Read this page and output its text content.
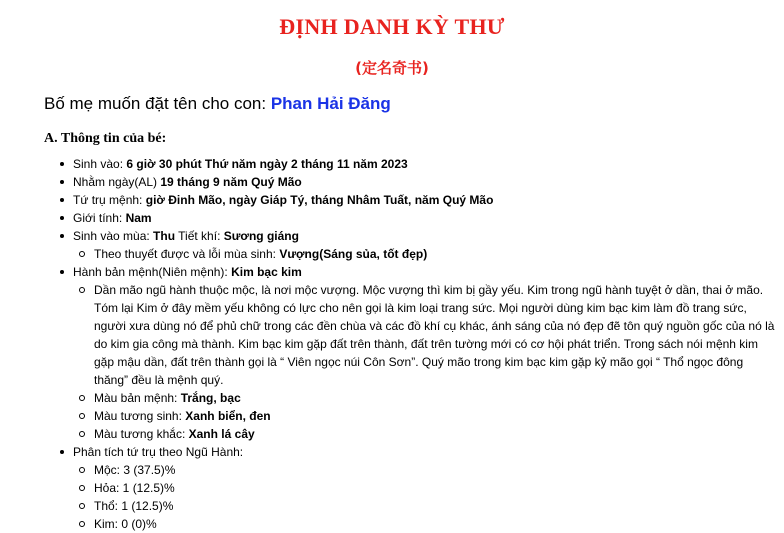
ĐỊNH DANH KỲ THƯ
(定名奇书)
Bố mẹ muốn đặt tên cho con: Phan Hải Đăng
A. Thông tin của bé:
Sinh vào: 6 giờ 30 phút Thứ năm ngày 2 tháng 11 năm 2023
Nhằm ngày(AL) 19 tháng 9 năm Quý Mão
Tứ trụ mệnh: giờ Đinh Mão, ngày Giáp Tý, tháng Nhâm Tuất, năm Quý Mão
Giới tính: Nam
Sinh vào mùa: Thu Tiết khí: Sương giáng
Theo thuyết được và lỗi mùa sinh: Vượng(Sáng sủa, tốt đẹp)
Hành bản mệnh(Niên mệnh): Kim bạc kim
Dần mão ngũ hành thuộc mộc, là nơi mộc vượng. Mộc vượng thì kim bị gầy yếu. Kim trong ngũ hành tuyệt ở dần, thai ở mão. Tóm lại Kim ở đây mềm yếu không có lực cho nên gọi là kim loại trang sức. Mọi người dùng kim bạc kim làm đồ trang sức, người xưa dùng nó để phủ chữ trong các đền chùa và các đồ khí cụ khác, ánh sáng của nó đẹp đẽ tôn quý nguồn gốc của nó là do kim gia công mà thành. Kim bạc kim gặp đất trên thành, đất trên tường mới có cơ hội phát triển. Trong sách nói mệnh kim gặp mậu dần, đất trên thành gọi là “ Viên ngọc núi Côn Sơn”. Quý mão trong kim bạc kim gặp kỷ mão gọi “ Thổ ngọc đông thăng” đều là mệnh quý.
Màu bản mệnh: Trắng, bạc
Màu tương sinh: Xanh biển, đen
Màu tương khắc: Xanh lá cây
Phân tích tứ trụ theo Ngũ Hành:
Mộc: 3 (37.5)%
Hỏa: 1 (12.5)%
Thổ: 1 (12.5)%
Kim: 0 (0)%
